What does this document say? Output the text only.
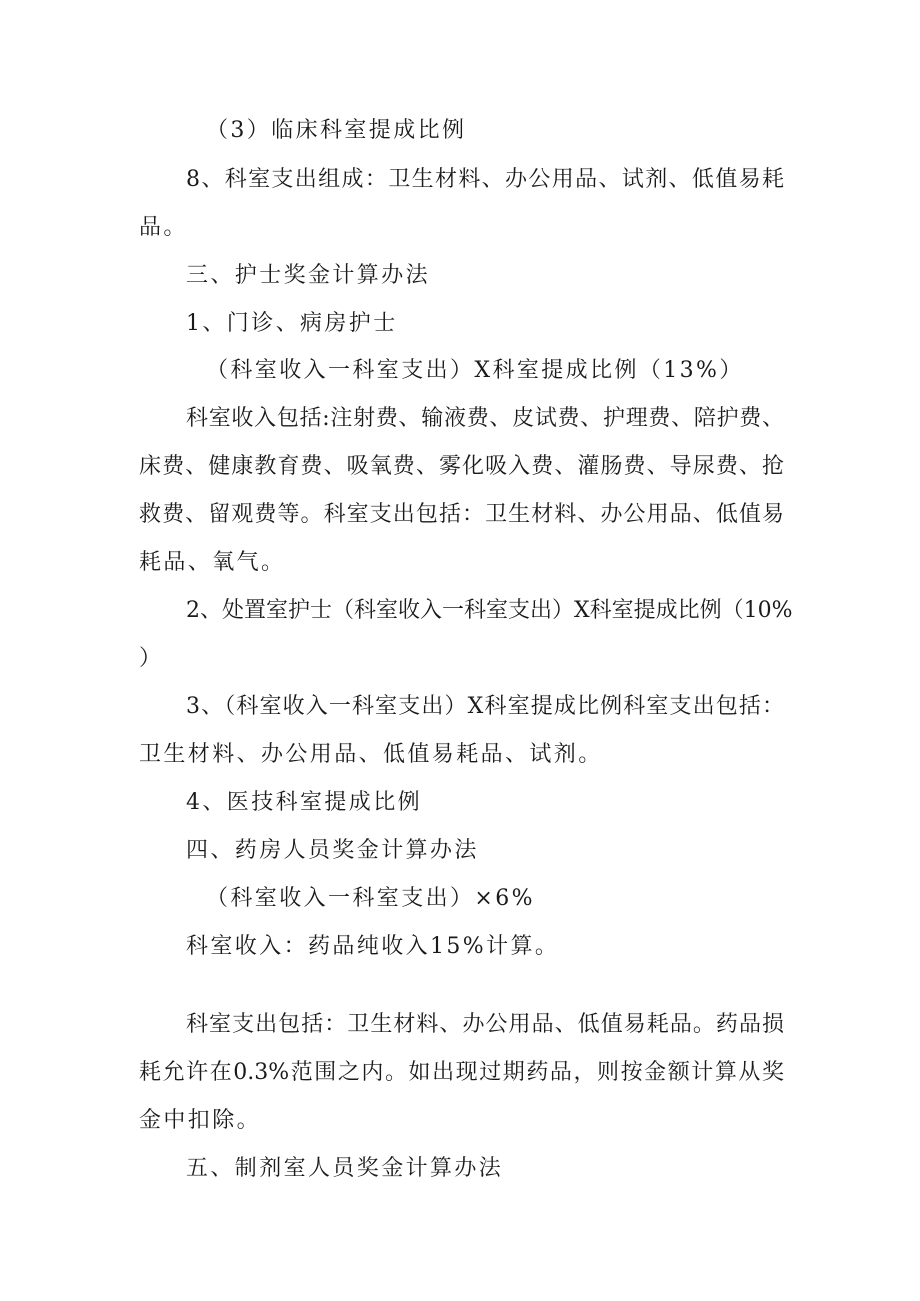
（3）临床科室提成比例
8、科室支出组成：卫生材料、办公用品、试剂、低值易耗
品。
三、护士奖金计算办法
1、门诊、病房护士
（科室收入一科室支出）X科室提成比例（13%）
科室收入包括:注射费、输液费、皮试费、护理费、陪护费、
床费、健康教育费、吸氧费、雾化吸入费、灌肠费、导尿费、抢
救费、留观费等。科室支出包括：卫生材料、办公用品、低值易
耗品、氧气。
2、处置室护士（科室收入一科室支出）X科室提成比例（10%
）
3、（科室收入一科室支出）X科室提成比例科室支出包括：
卫生材料、办公用品、低值易耗品、试剂。
4、医技科室提成比例
四、药房人员奖金计算办法
（科室收入一科室支出）×6%
科室收入：药品纯收入15%计算。
科室支出包括：卫生材料、办公用品、低值易耗品。药品损
耗允许在0.3%范围之内。如出现过期药品，则按金额计算从奖
金中扣除。
五、制剂室人员奖金计算办法
